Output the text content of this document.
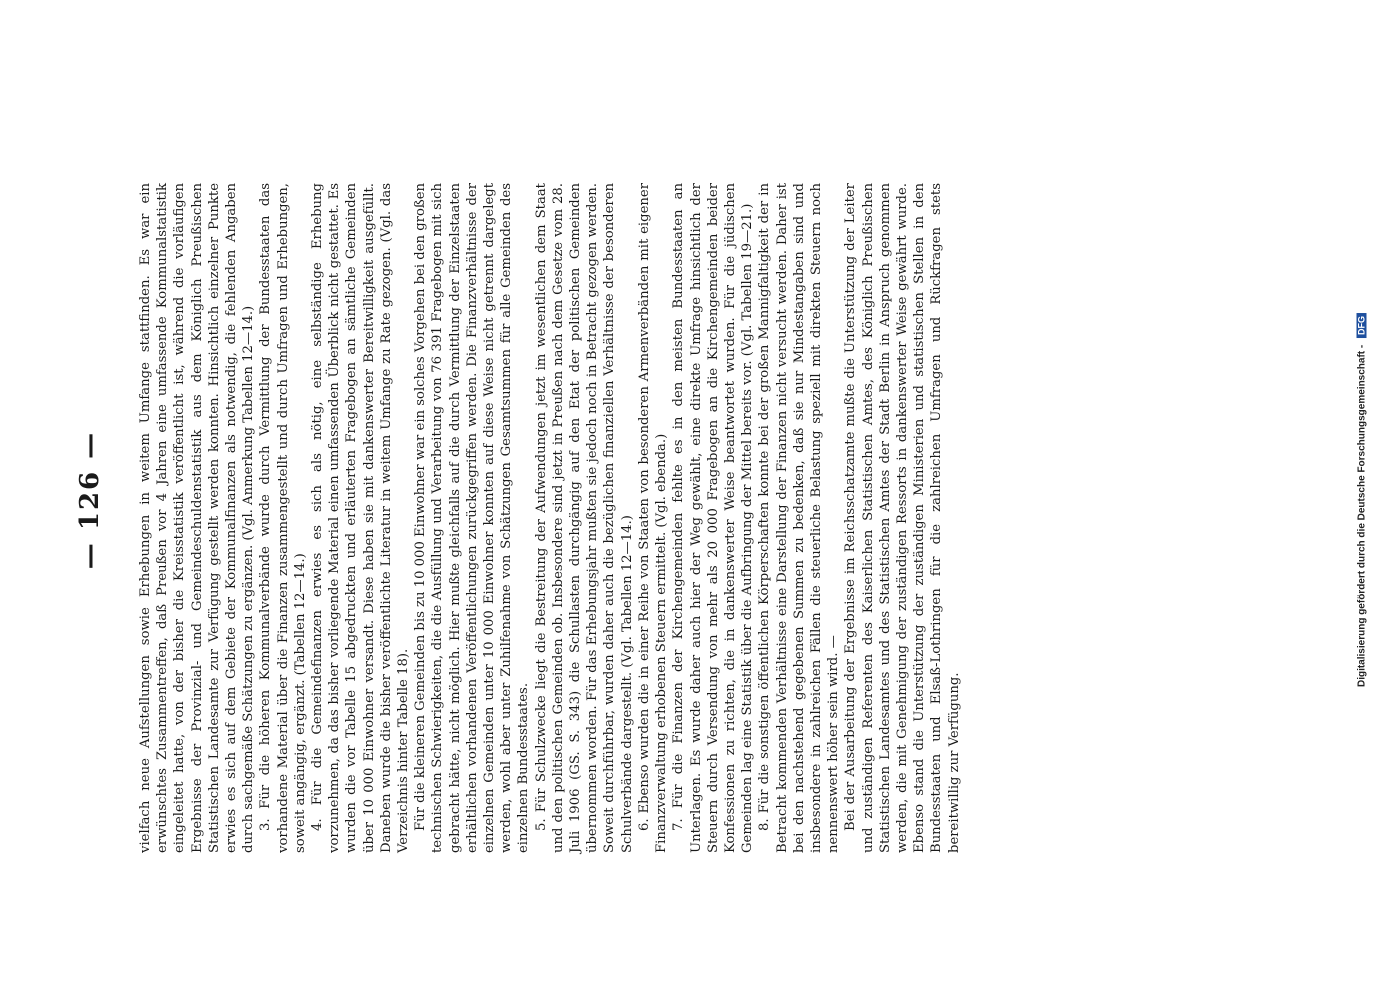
— 126 —	vielfach neue Aufstellungen sowie Erhebungen in weitem Umfange stattfinden. Es war ein erwünschtes Zusammentreffen, daß Preußen vor 4 Jahren eine umfassende Kommunalstatistik eingeleitet hatte, von der bisher die Kreisstatistik veröffentlicht ist, während die vorläufigen Ergebnisse der Provinzial- und Gemeindeschuldenstatistik aus dem Königlich Preußischen Statistischen Landesamte zur Verfügung gestellt werden konnten. Hinsichtlich einzelner Punkte erwies es sich auf dem Gebiete der Kommunalfinanzen als notwendig, die fehlenden Angaben durch sachgemäße Schätzungen zu ergänzen. (Vgl. Anmerkung Tabellen 12—14.) 3. Für die höheren Kommunalverbände wurde durch Vermittlung der Bundesstaaten das vorhandene Material über die Finanzen zusammengestellt und durch Umfragen und Erhebungen, soweit angängig, ergänzt. (Tabellen 12—14.) 4. Für die Gemeindefinanzen erwies es sich als nötig, eine selbständige Erhebung vorzunehmen, da das bisher vorliegende Material einen umfassenden Überblick nicht gestattet. Es wurden die vor Tabelle 15 abgedruckten und erläuterten Fragebogen an sämtliche Gemeinden über 10 000 Einwohner versandt. Diese haben sie mit dankenswerter Bereitwilligkeit ausgefüllt. Daneben wurde die bisher veröffentlichte Literatur in weitem Umfange zu Rate gezogen. (Vgl. das Verzeichnis hinter Tabelle 18). Für die kleineren Gemeinden bis zu 10 000 Einwohner war ein solches Vorgehen bei den großen technischen Schwierigkeiten, die die Ausfüllung und Verarbeitung von 76 391 Fragebogen mit sich gebracht hätte, nicht möglich. Hier mußte gleichfalls auf die durch Vermittlung der Einzelstaaten erhältlichen vorhandenen Veröffentlichungen zurückgegriffen werden. Die Finanzverhältnisse der einzelnen Gemeinden unter 10 000 Einwohner konnten auf diese Weise nicht getrennt dargelegt werden, wohl aber unter Zuhilfenahme von Schätzungen Gesamtsummen für alle Gemeinden des einzelnen Bundesstaates. 5. Für Schulzwecke liegt die Bestreitung der Aufwendungen jetzt im wesentlichen dem Staat und den politischen Gemeinden ob. Insbesondere sind jetzt in Preußen nach dem Gesetze vom 28. Juli 1906 (GS. S. 343) die Schullasten durchgängig auf den Etat der politischen Gemeinden übernommen worden. Für das Erhebungsjahr mußten sie jedoch noch in Betracht gezogen werden. Soweit durchführbar, wurden daher auch die bezüglichen finanziellen Verhältnisse der besonderen Schulverbände dargestellt. (Vgl. Tabellen 12—14.) 6. Ebenso wurden die in einer Reihe von Staaten von besonderen Armenverbänden mit eigener Finanzverwaltung erhobenen Steuern ermittelt. (Vgl. ebenda.) 7. Für die Finanzen der Kirchengemeinden fehlte es in den meisten Bundesstaaten an Unterlagen. Es wurde daher auch hier der Weg gewählt, eine direkte Umfrage hinsichtlich der Steuern durch Versendung von mehr als 20 000 Fragebogen an die Kirchengemeinden beider Konfessionen zu richten, die in dankenswerter Weise beantwortet wurden. Für die jüdischen Gemeinden lag eine Statistik über die Aufbringung der Mittel bereits vor. (Vgl. Tabellen 19—21.) 8. Für die sonstigen öffentlichen Körperschaften konnte bei der großen Mannigfaltigkeit der in Betracht kommenden Verhältnisse eine Darstellung der Finanzen nicht versucht werden. Daher ist bei den nachstehend gegebenen Summen zu bedenken, daß sie nur Mindestangaben sind und insbesondere in zahlreichen Fällen die steuerliche Belastung speziell mit direkten Steuern noch nennenswert höher sein wird. — Bei der Ausarbeitung der Ergebnisse im Reichsschatzamte mußte die Unterstützung der Leiter und zuständigen Referenten des Kaiserlichen Statistischen Amtes, des Königlich Preußischen Statistischen Landesamtes und des Statistischen Amtes der Stadt Berlin in Anspruch genommen werden, die mit Genehmigung der zuständigen Ressorts in dankenswerter Weise gewährt wurde. Ebenso stand die Unterstützung der zuständigen Ministerien und statistischen Stellen in den Bundesstaaten und Elsaß-Lothringen für die zahlreichen Umfragen und Rückfragen stets bereitwillig zur Verfügung.

Digitalisierung gefördert durch die Deutsche Forschungsgemeinschaft - DFG
